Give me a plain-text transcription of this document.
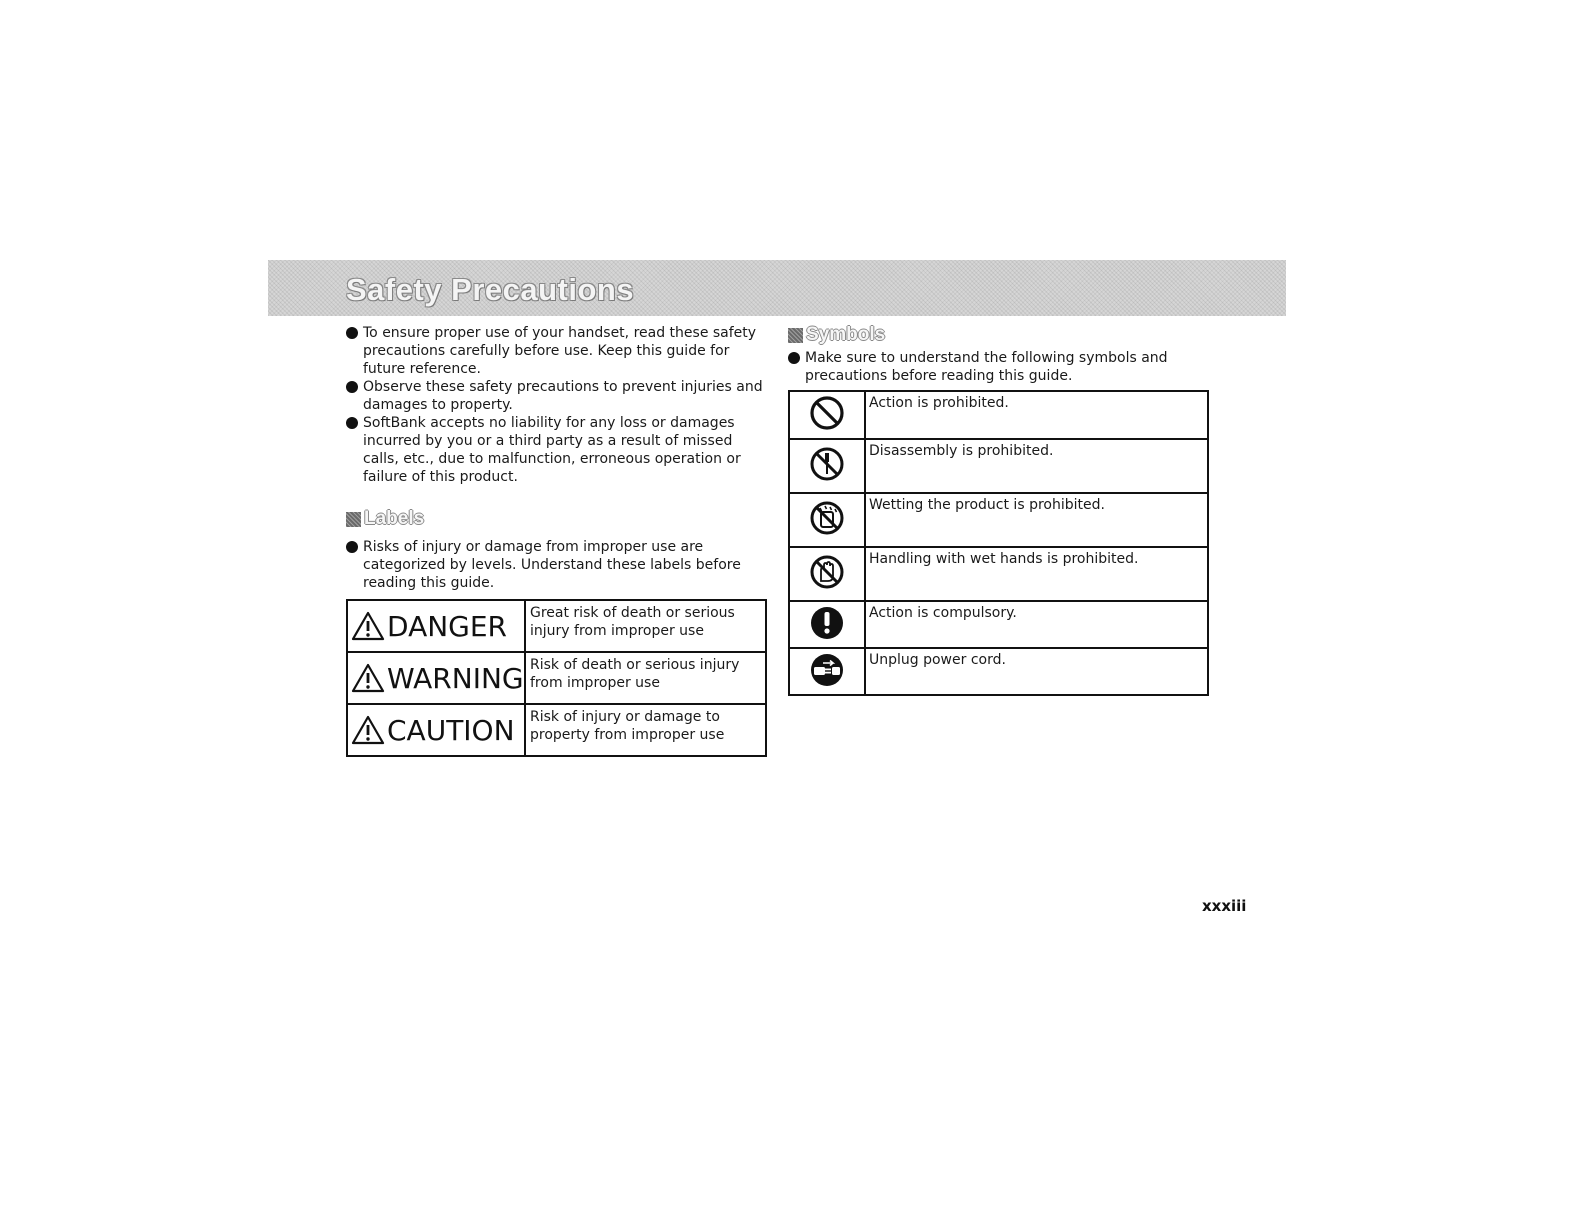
Safety Precautions
To ensure proper use of your handset, read these safety precautions carefully before use. Keep this guide for future reference.
Observe these safety precautions to prevent injuries and damages to property.
SoftBank accepts no liability for any loss or damages incurred by you or a third party as a result of missed calls, etc., due to malfunction, erroneous operation or failure of this product.
Labels
Risks of injury or damage from improper use are categorized by levels. Understand these labels before reading this guide.
DANGER	Great risk of death or serious injury from improper use

WARNING	Risk of death or serious injury from improper use

CAUTION	Risk of injury or damage to property from improper use
Symbols
Make sure to understand the following symbols and precautions before reading this guide.
	Action is prohibited.
	Disassembly is prohibited.
	Wetting the product is prohibited.
	Handling with wet hands is prohibited.
	Action is compulsory.
	Unplug power cord.
xxxiii
